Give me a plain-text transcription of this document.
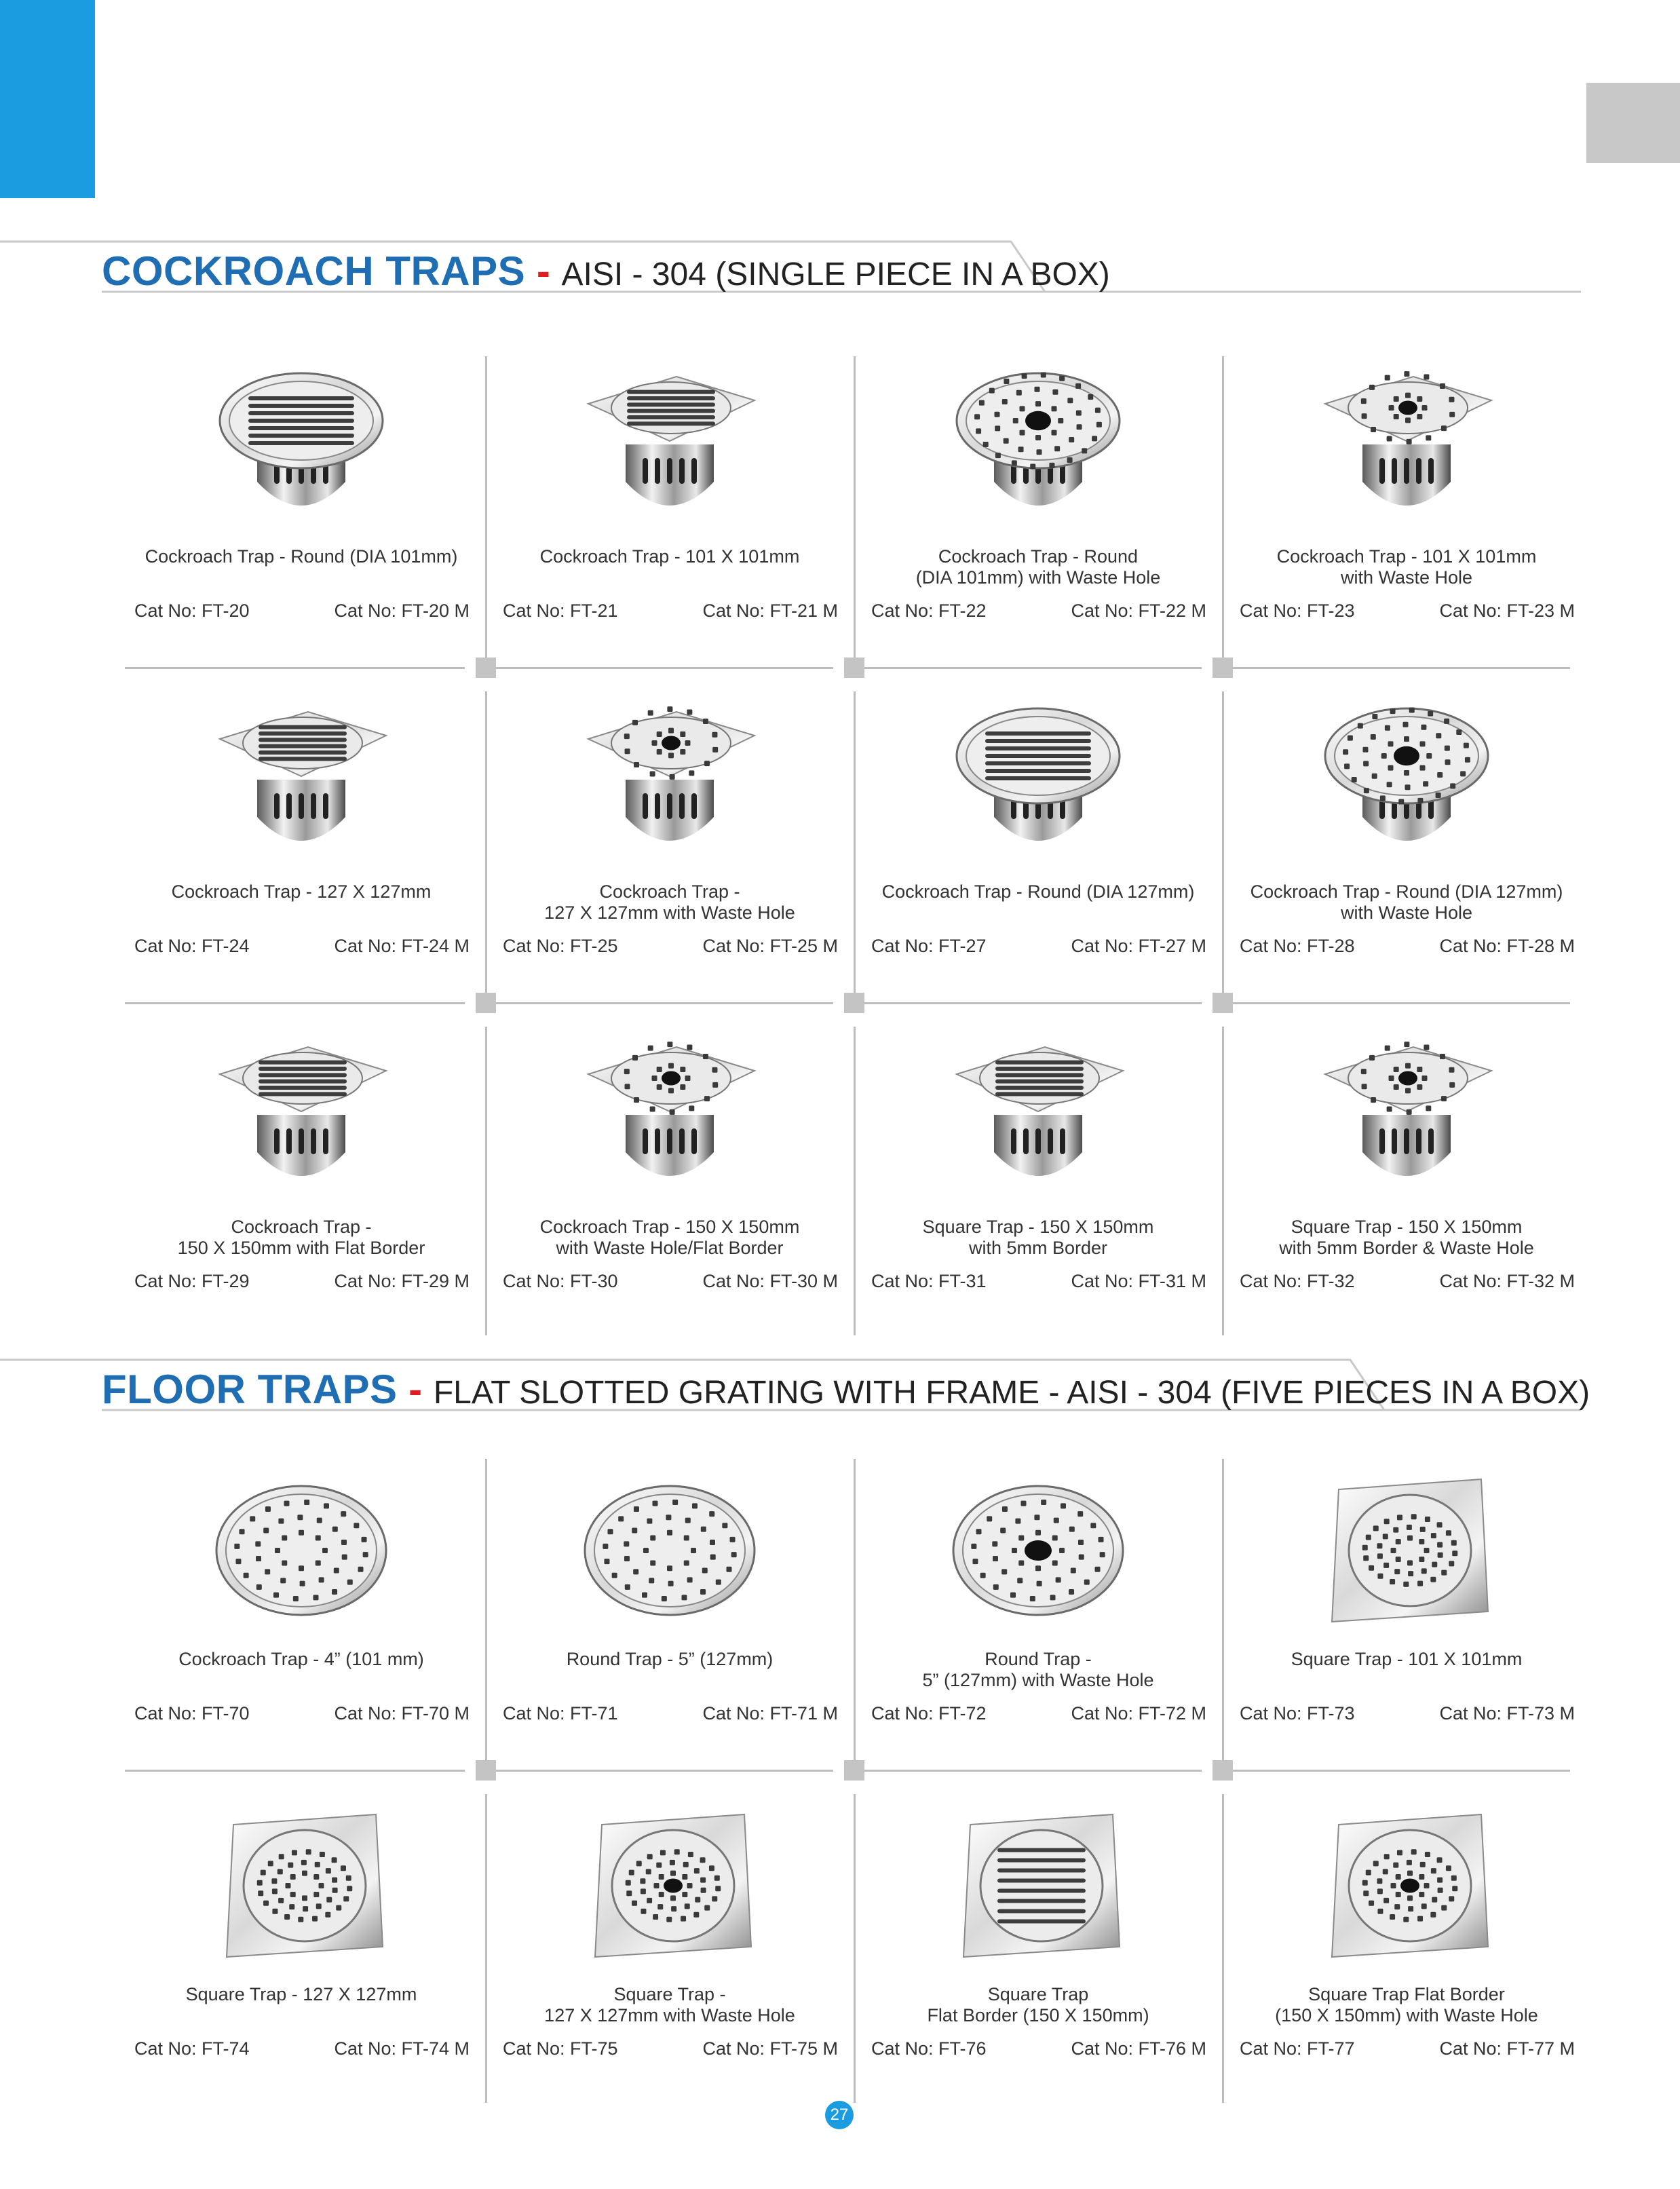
COCKROACH TRAPS - AISI - 304 (SINGLE PIECE IN A BOX)
Cockroach Trap - Round (DIA 101mm)
Cat No: FT-20	Cat No: FT-20 M
Cockroach Trap - 101 X 101mm
Cat No: FT-21	Cat No: FT-21 M
Cockroach Trap - Round
(DIA 101mm) with Waste Hole
Cat No: FT-22	Cat No: FT-22 M
Cockroach Trap - 101 X 101mm
with Waste Hole
Cat No: FT-23	Cat No: FT-23 M
Cockroach Trap - 127 X 127mm
Cat No: FT-24	Cat No: FT-24 M
Cockroach Trap -
127 X 127mm with Waste Hole
Cat No: FT-25	Cat No: FT-25 M
Cockroach Trap - Round (DIA 127mm)
Cat No: FT-27	Cat No: FT-27 M
Cockroach Trap - Round (DIA 127mm)
with Waste Hole
Cat No: FT-28	Cat No: FT-28 M
Cockroach Trap -
150 X 150mm with Flat Border
Cat No: FT-29	Cat No: FT-29 M
Cockroach Trap - 150 X 150mm
with Waste Hole/Flat Border
Cat No: FT-30	Cat No: FT-30 M
Square Trap - 150 X 150mm
with 5mm Border
Cat No: FT-31	Cat No: FT-31 M
Square Trap - 150 X 150mm
with 5mm Border & Waste Hole
Cat No: FT-32	Cat No: FT-32 M
FLOOR TRAPS - FLAT SLOTTED GRATING WITH FRAME - AISI - 304 (FIVE PIECES IN A BOX)
Cockroach Trap - 4” (101 mm)
Cat No: FT-70	Cat No: FT-70 M
Round Trap - 5” (127mm)
Cat No: FT-71	Cat No: FT-71 M
Round Trap -
5” (127mm) with Waste Hole
Cat No: FT-72	Cat No: FT-72 M
Square Trap - 101 X 101mm
Cat No: FT-73	Cat No: FT-73 M
Square Trap - 127 X 127mm
Cat No: FT-74	Cat No: FT-74 M
Square Trap -
127 X 127mm with Waste Hole
Cat No: FT-75	Cat No: FT-75 M
Square Trap
Flat Border (150 X 150mm)
Cat No: FT-76	Cat No: FT-76 M
Square Trap Flat Border
(150 X 150mm) with Waste Hole
Cat No: FT-77	Cat No: FT-77 M
27
